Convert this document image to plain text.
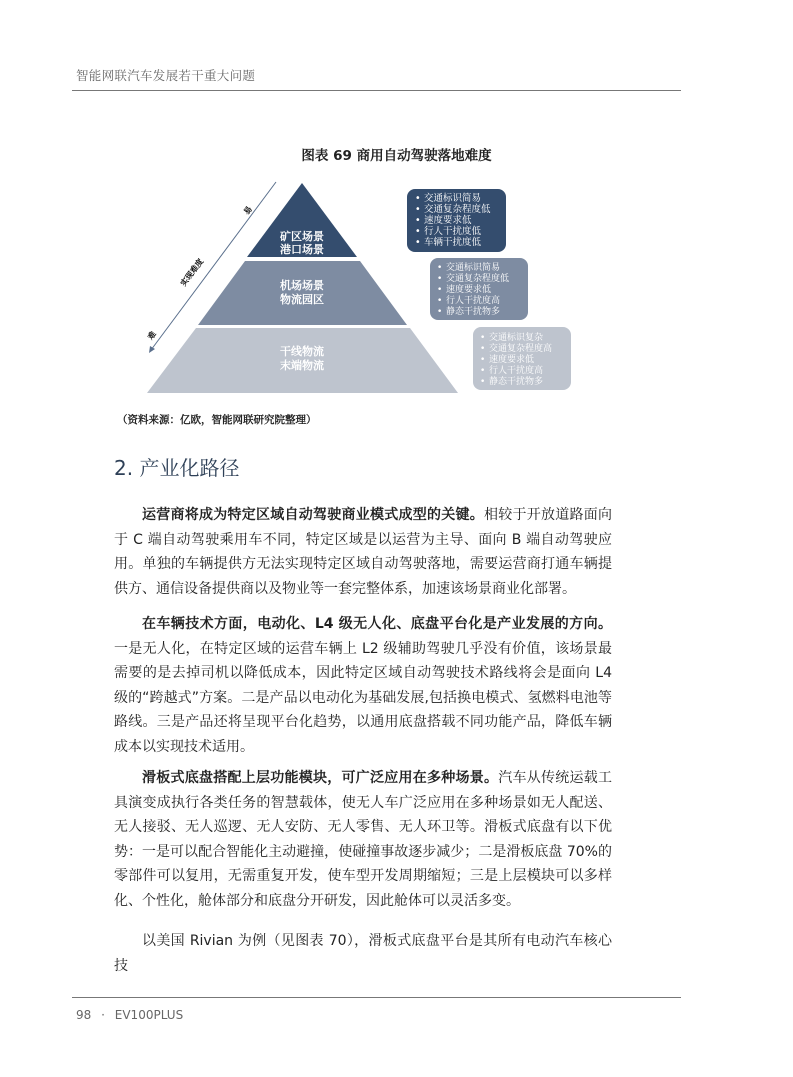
智能网联汽车发展若干重大问题
图表 69 商用自动驾驶落地难度
易
实现难度
难
矿区场景
港口场景
机场场景
物流园区
干线物流
末端物流
• 交通标识简易
• 交通复杂程度低
• 速度要求低
• 行人干扰度低
• 车辆干扰度低
• 交通标识简易
• 交通复杂程度低
• 速度要求低
• 行人干扰度高
• 静态干扰物多
• 交通标识复杂
• 交通复杂程度高
• 速度要求低
• 行人干扰度高
• 静态干扰物多
（资料来源：亿欧，智能网联研究院整理）
2. 产业化路径
运营商将成为特定区域自动驾驶商业模式成型的关键。相较于开放道路面向于 C 端自动驾驶乘用车不同，特定区域是以运营为主导、面向 B 端自动驾驶应用。单独的车辆提供方无法实现特定区域自动驾驶落地，需要运营商打通车辆提供方、通信设备提供商以及物业等一套完整体系，加速该场景商业化部署。
在车辆技术方面，电动化、L4 级无人化、底盘平台化是产业发展的方向。一是无人化，在特定区域的运营车辆上 L2 级辅助驾驶几乎没有价值，该场景最需要的是去掉司机以降低成本，因此特定区域自动驾驶技术路线将会是面向 L4 级的“跨越式”方案。二是产品以电动化为基础发展,包括换电模式、氢燃料电池等路线。三是产品还将呈现平台化趋势，以通用底盘搭载不同功能产品，降低车辆成本以实现技术适用。
滑板式底盘搭配上层功能模块，可广泛应用在多种场景。汽车从传统运载工具演变成执行各类任务的智慧载体，使无人车广泛应用在多种场景如无人配送、无人接驳、无人巡逻、无人安防、无人零售、无人环卫等。滑板式底盘有以下优势：一是可以配合智能化主动避撞，使碰撞事故逐步减少；二是滑板底盘 70%的零部件可以复用，无需重复开发，使车型开发周期缩短；三是上层模块可以多样化、个性化，舱体部分和底盘分开研发，因此舱体可以灵活多变。
以美国 Rivian 为例（见图表 70），滑板式底盘平台是其所有电动汽车核心技
98 · EV100PLUS
